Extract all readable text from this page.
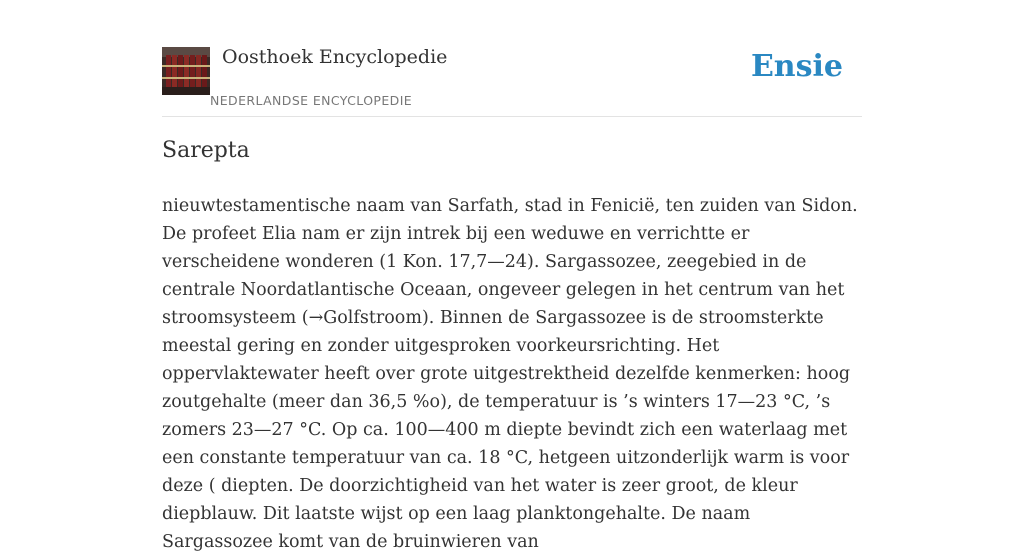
Oosthoek Encyclopedie
NEDERLANDSE ENCYCLOPEDIE
Ensie
Sarepta

nieuwtestamentische naam van Sarfath, stad in Fenicië, ten zuiden van Sidon. De profeet Elia nam er zijn intrek bij een weduwe en verrichtte er verscheidene wonderen (1 Kon. 17,7—24). Sargassozee, zeegebied in de centrale Noordatlantische Oceaan, ongeveer gelegen in het centrum van het stroomsysteem (→Golfstroom). Binnen de Sargassozee is de stroomsterkte meestal gering en zonder uitgesproken voorkeursrichting. Het oppervlaktewater heeft over grote uitgestrektheid dezelfde kenmerken: hoog zoutgehalte (meer dan 36,5 %o), de temperatuur is ’s winters 17—23 °C, ’s zomers 23—27 °C. Op ca. 100—400 m diepte bevindt zich een waterlaag met een constante temperatuur van ca. 18 °C, hetgeen uitzonderlijk warm is voor deze ( diepten. De doorzichtigheid van het water is zeer groot, de kleur diepblauw. Dit laatste wijst op een laag planktongehalte. De naam Sargassozee komt van de bruinwieren van
